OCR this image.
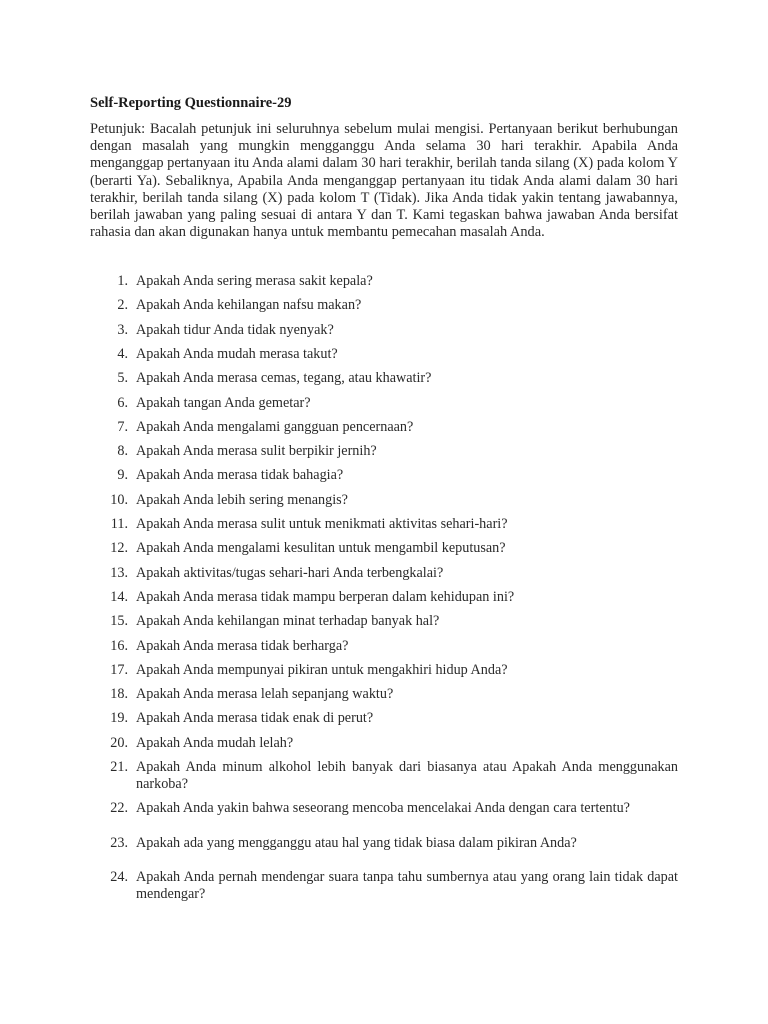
Self-Reporting Questionnaire-29
Petunjuk: Bacalah petunjuk ini seluruhnya sebelum mulai mengisi. Pertanyaan berikut berhubungan dengan masalah yang mungkin mengganggu Anda selama 30 hari terakhir. Apabila Anda menganggap pertanyaan itu Anda alami dalam 30 hari terakhir, berilah tanda silang (X) pada kolom Y (berarti Ya). Sebaliknya, Apabila Anda menganggap pertanyaan itu tidak Anda alami dalam 30 hari terakhir, berilah tanda silang (X) pada kolom T (Tidak). Jika Anda tidak yakin tentang jawabannya, berilah jawaban yang paling sesuai di antara Y dan T. Kami tegaskan bahwa jawaban Anda bersifat rahasia dan akan digunakan hanya untuk membantu pemecahan masalah Anda.
1. Apakah Anda sering merasa sakit kepala?
2. Apakah Anda kehilangan nafsu makan?
3. Apakah tidur Anda tidak nyenyak?
4. Apakah Anda mudah merasa takut?
5. Apakah Anda merasa cemas, tegang, atau khawatir?
6. Apakah tangan Anda gemetar?
7. Apakah Anda mengalami gangguan pencernaan?
8. Apakah Anda merasa sulit berpikir jernih?
9. Apakah Anda merasa tidak bahagia?
10. Apakah Anda lebih sering menangis?
11. Apakah Anda merasa sulit untuk menikmati aktivitas sehari-hari?
12. Apakah Anda mengalami kesulitan untuk mengambil keputusan?
13. Apakah aktivitas/tugas sehari-hari Anda terbengkalai?
14. Apakah Anda merasa tidak mampu berperan dalam kehidupan ini?
15. Apakah Anda kehilangan minat terhadap banyak hal?
16. Apakah Anda merasa tidak berharga?
17. Apakah Anda mempunyai pikiran untuk mengakhiri hidup Anda?
18. Apakah Anda merasa lelah sepanjang waktu?
19. Apakah Anda merasa tidak enak di perut?
20. Apakah Anda mudah lelah?
21. Apakah Anda minum alkohol lebih banyak dari biasanya atau Apakah Anda menggunakan narkoba?
22. Apakah Anda yakin bahwa seseorang mencoba mencelakai Anda dengan cara tertentu?
23. Apakah ada yang mengganggu atau hal yang tidak biasa dalam pikiran Anda?
24. Apakah Anda pernah mendengar suara tanpa tahu sumbernya atau yang orang lain tidak dapat mendengar?
